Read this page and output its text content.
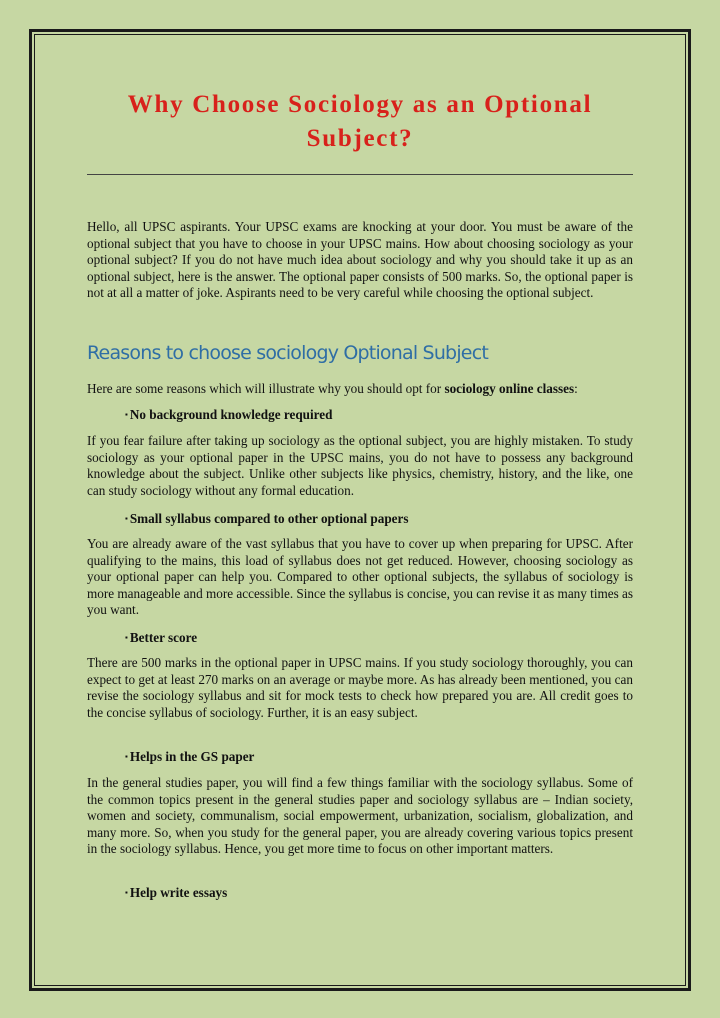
Why Choose Sociology as an Optional Subject?

Hello, all UPSC aspirants. Your UPSC exams are knocking at your door. You must be aware of the optional subject that you have to choose in your UPSC mains. How about choosing sociology as your optional subject? If you do not have much idea about sociology and why you should take it up as an optional subject, here is the answer. The optional paper consists of 500 marks. So, the optional paper is not at all a matter of joke. Aspirants need to be very careful while choosing the optional subject.

Reasons to choose sociology Optional Subject

Here are some reasons which will illustrate why you should opt for sociology online classes:

▪ No background knowledge required

If you fear failure after taking up sociology as the optional subject, you are highly mistaken. To study sociology as your optional paper in the UPSC mains, you do not have to possess any background knowledge about the subject. Unlike other subjects like physics, chemistry, history, and the like, one can study sociology without any formal education.

▪ Small syllabus compared to other optional papers

You are already aware of the vast syllabus that you have to cover up when preparing for UPSC. After qualifying to the mains, this load of syllabus does not get reduced. However, choosing sociology as your optional paper can help you. Compared to other optional subjects, the syllabus of sociology is more manageable and more accessible. Since the syllabus is concise, you can revise it as many times as you want.

▪ Better score

There are 500 marks in the optional paper in UPSC mains. If you study sociology thoroughly, you can expect to get at least 270 marks on an average or maybe more. As has already been mentioned, you can revise the sociology syllabus and sit for mock tests to check how prepared you are. All credit goes to the concise syllabus of sociology. Further, it is an easy subject.

▪ Helps in the GS paper

In the general studies paper, you will find a few things familiar with the sociology syllabus. Some of the common topics present in the general studies paper and sociology syllabus are – Indian society, women and society, communalism, social empowerment, urbanization, socialism, globalization, and many more. So, when you study for the general paper, you are already covering various topics present in the sociology syllabus. Hence, you get more time to focus on other important matters.

▪ Help write essays
